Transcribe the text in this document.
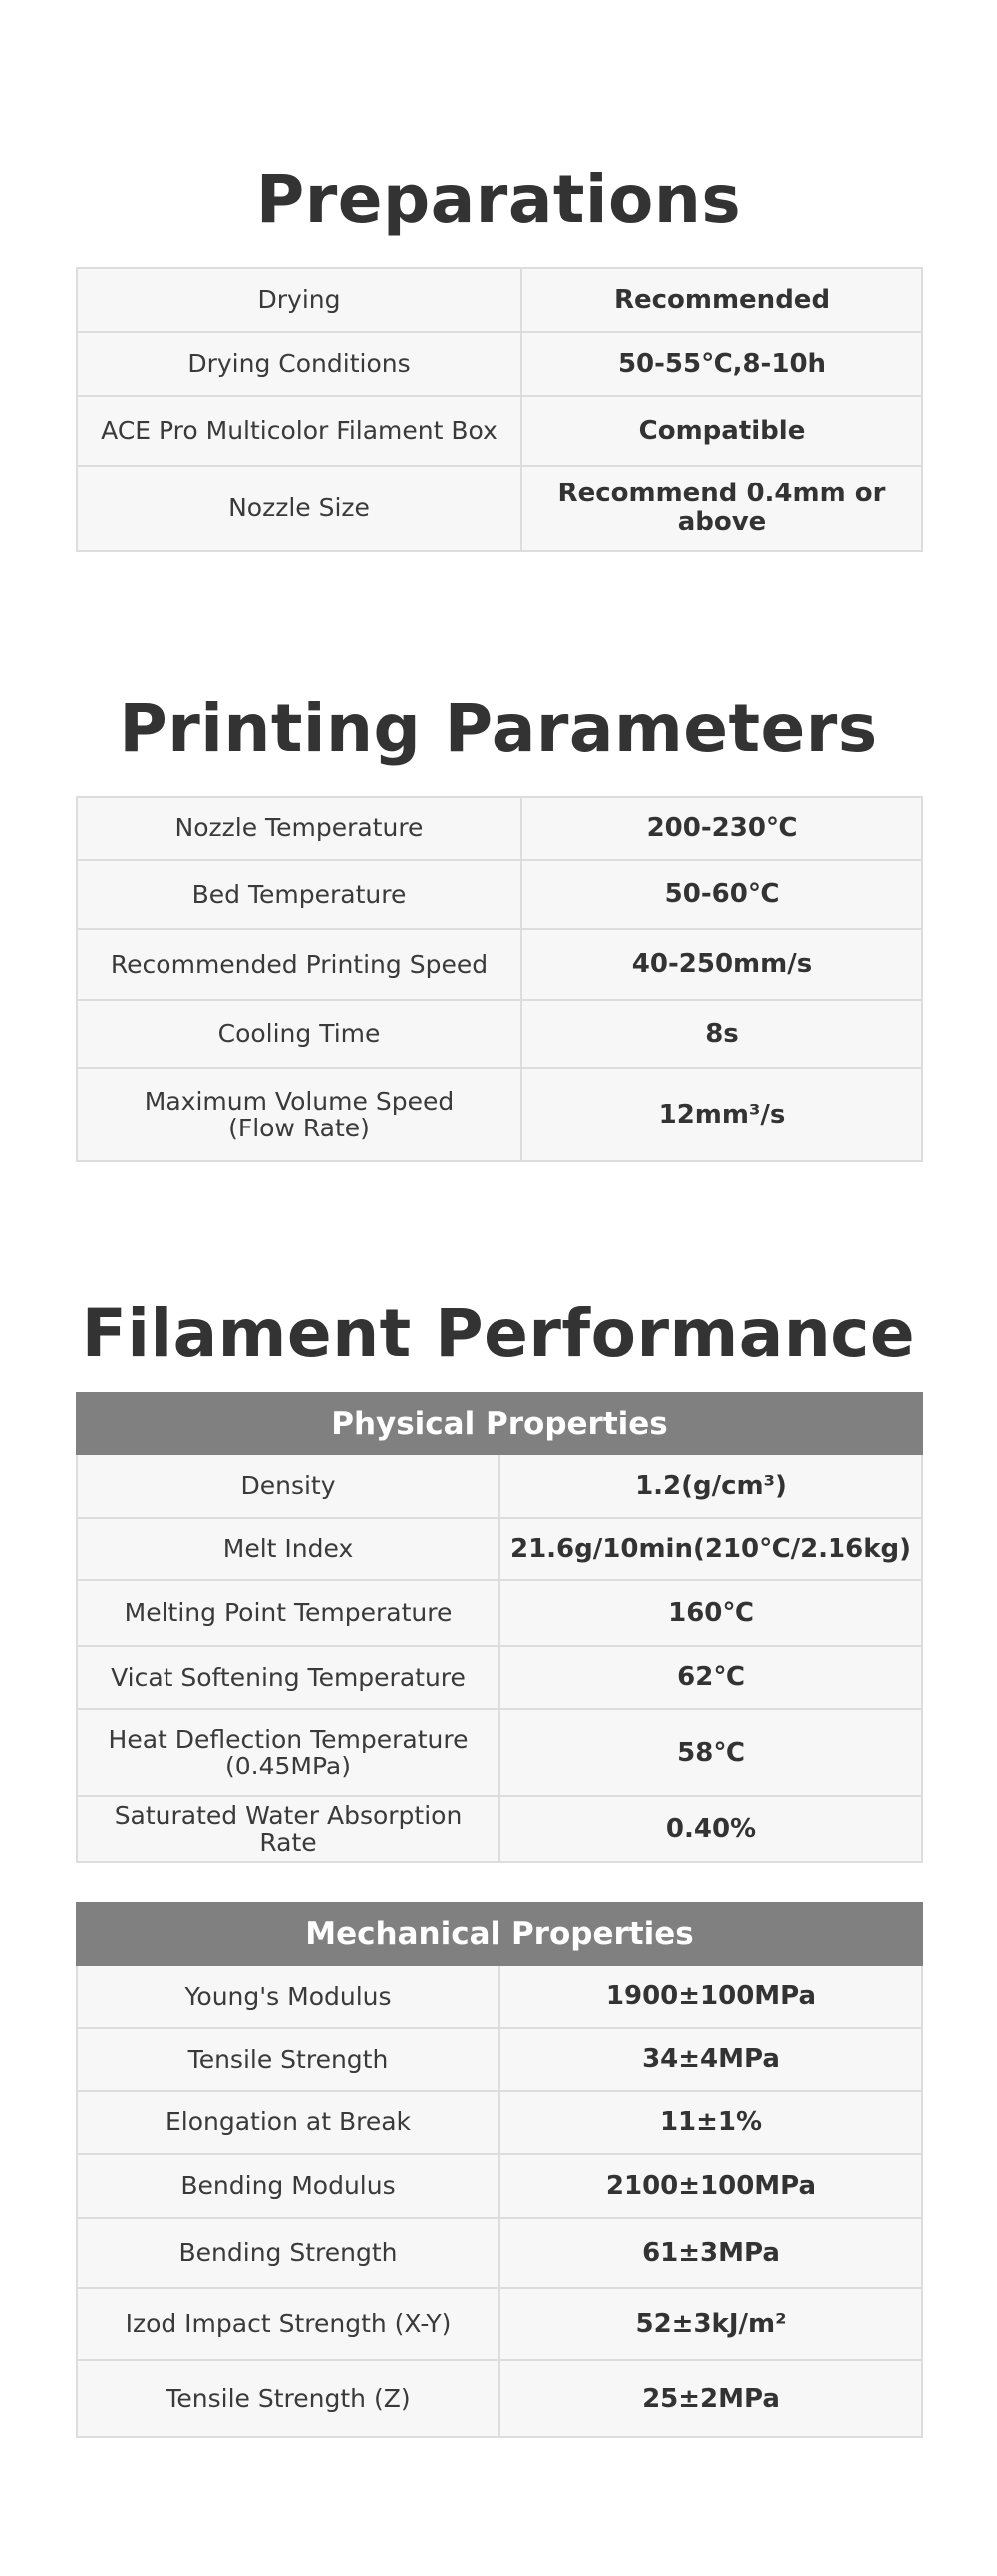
Preparations
Drying	Recommended
Drying Conditions	50-55℃,8-10h
ACE Pro Multicolor Filament Box	Compatible
Nozzle Size	Recommend 0.4mm or above
Printing Parameters
Nozzle Temperature	200-230℃
Bed Temperature	50-60℃
Recommended Printing Speed	40-250mm/s
Cooling Time	8s

Maximum Volume Speed
(Flow Rate)	12mm³/s
Filament Performance
Physical Properties	
Density	1.2(g/cm³)
Melt Index	21.6g/10min(210℃/2.16kg)
Melting Point Temperature	160℃
Vicat Softening Temperature	62℃

Heat Deflection Temperature
(0.45MPa)	58℃
Saturated Water Absorption Rate	0.40%
Mechanical Properties	
Young's Modulus	1900±100MPa
Tensile Strength	34±4MPa
Elongation at Break	11±1%
Bending Modulus	2100±100MPa
Bending Strength	61±3MPa
Izod Impact Strength (X-Y)	52±3kJ/m²
Tensile Strength (Z)	25±2MPa
